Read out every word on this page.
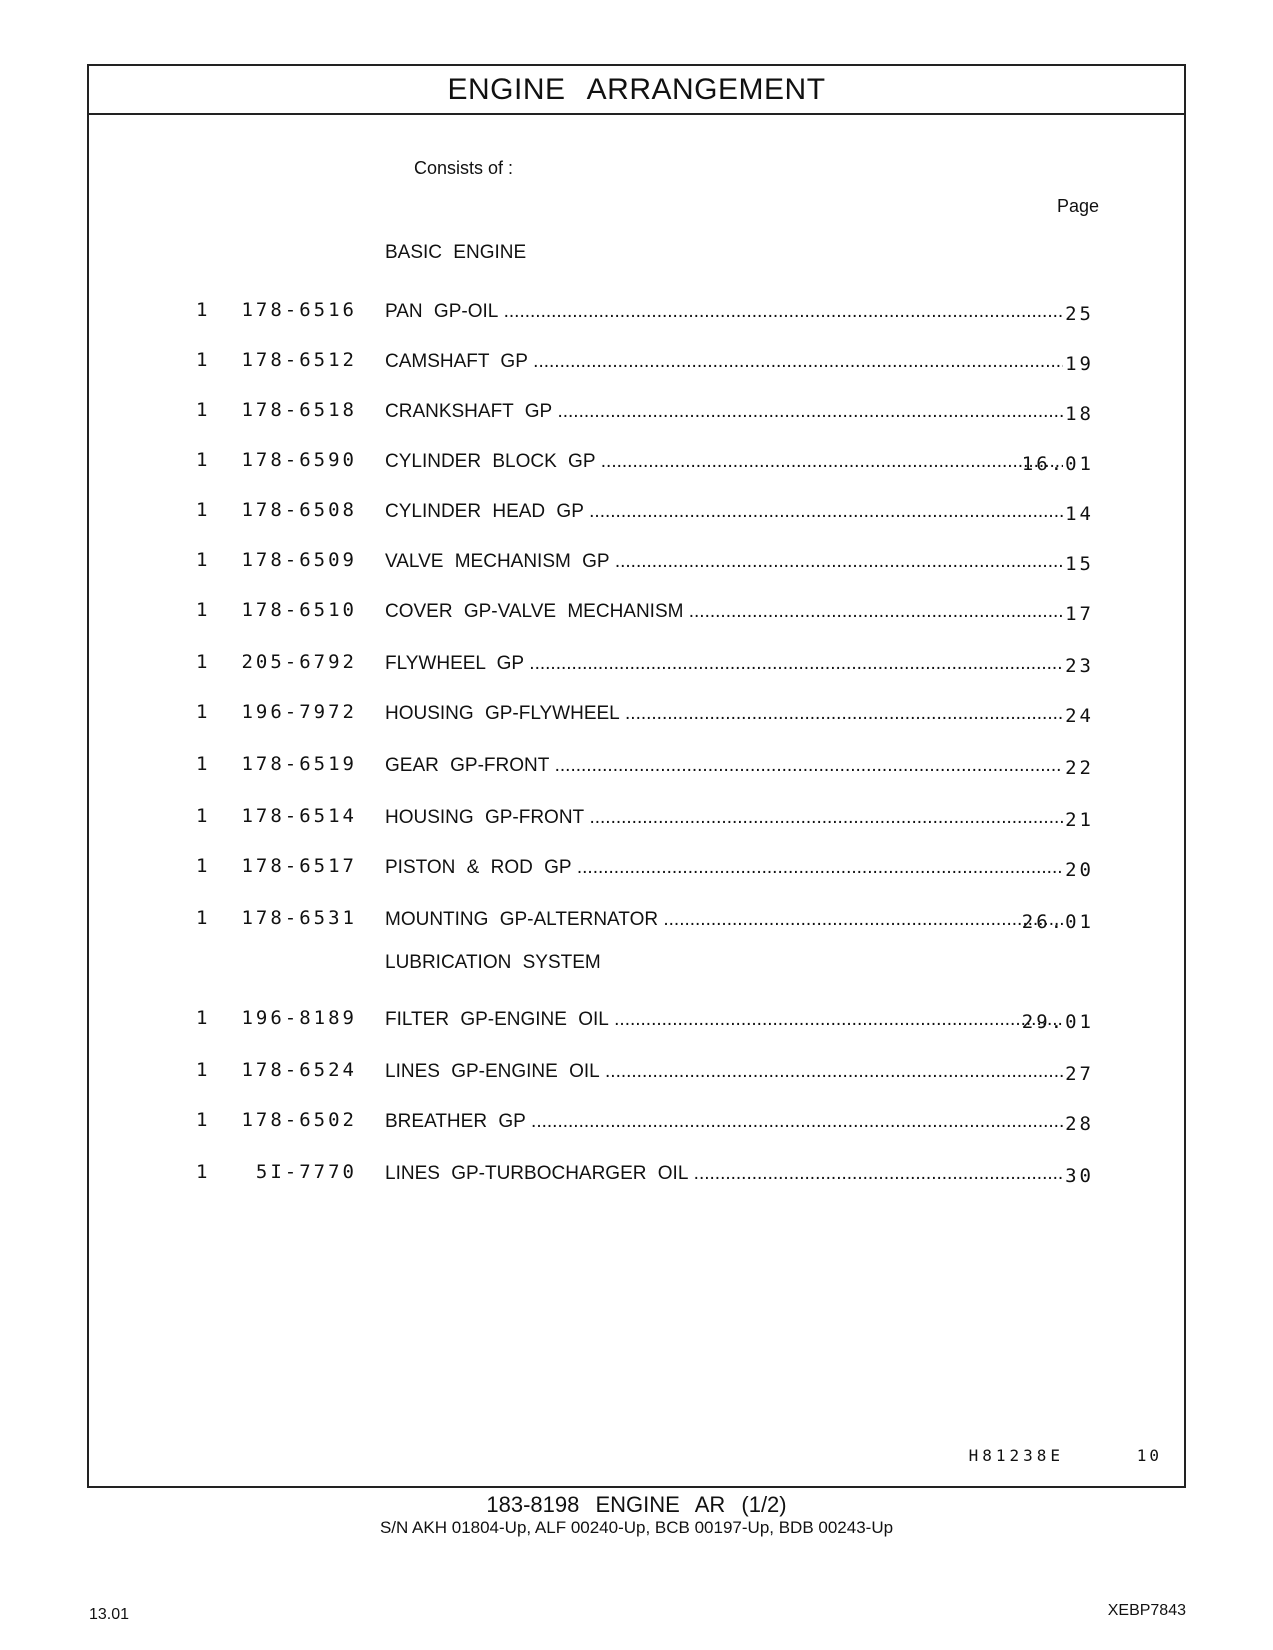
ENGINE ARRANGEMENT
Consists of :
Page
BASIC ENGINE
1	178-6516 PAN GP-OIL .....	25
1	178-6512 CAMSHAFT GP .....	19
1	178-6518 CRANKSHAFT GP .....	18
1	178-6590 CYLINDER BLOCK GP .....	16.01
1	178-6508 CYLINDER HEAD GP .....	14
1	178-6509 VALVE MECHANISM GP .....	15
1	178-6510 COVER GP-VALVE MECHANISM .....	17
1	205-6792 FLYWHEEL GP .....	23
1	196-7972 HOUSING GP-FLYWHEEL .....	24
1	178-6519 GEAR GP-FRONT .....	22
1	178-6514 HOUSING GP-FRONT .....	21
1	178-6517 PISTON & ROD GP .....	20
1	178-6531 MOUNTING GP-ALTERNATOR .....	26.01
LUBRICATION SYSTEM
1	196-8189 FILTER GP-ENGINE OIL .....	29.01
1	178-6524 LINES GP-ENGINE OIL .....	27
1	178-6502 BREATHER GP .....	28
1	5I-7770 LINES GP-TURBOCHARGER OIL .....	30
H81238E	10
183-8198 ENGINE AR (1/2)
S/N AKH 01804-Up, ALF 00240-Up, BCB 00197-Up, BDB 00243-Up
13.01	XEBP7843
